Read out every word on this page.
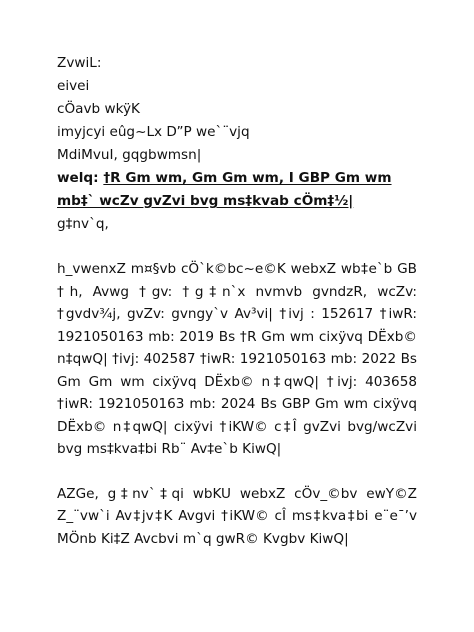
ZvwiL:
eivei
cÖavb wkÿK
imyjcyi eûg~Lx D”P we`¨vjq
MdiMvuI, gqgbwmsn|
welq: †R Gm wm, Gm Gm wm, I GBP Gm wm
mb‡` wcZv gvZvi bvg ms‡kvab cÖm‡½|
g‡nv`q,
h_vwenxZ m¤§vb cÖ`k©bc~e©K webxZ wb‡e`b GB †h, Avwg †gv: †g‡n`x nvmvb gvndzR, wcZv: †gvdv¾j, gvZv: gvngy`v Av³vi| †ivj : 152617 †iwR: 1921050163 mb: 2019 Bs †R Gm wm cixÿvq DËxb© n‡qwQ| †ivj: 402587 †iwR: 1921050163 mb: 2022 Bs Gm Gm wm cixÿvq DËxb© n‡qwQ| †ivj: 403658 †iwR: 1921050163 mb: 2024 Bs GBP Gm wm cixÿvq DËxb© n‡qwQ| cixÿvi †iKW© c‡Î gvZvi bvg/wcZvi bvg ms‡kva‡bi Rb¨ Av‡e`b KiwQ|
AZGe, g‡nv`‡qi wbKU webxZ cÖv_©bv ewY©Z Z_¨vw`i Av‡jv‡K Avgvi †iKW© cÎ ms‡kva‡bi e¨e¯’v MÖnb Ki‡Z Avcbvi m`q gwR© Kvgbv KiwQ|
